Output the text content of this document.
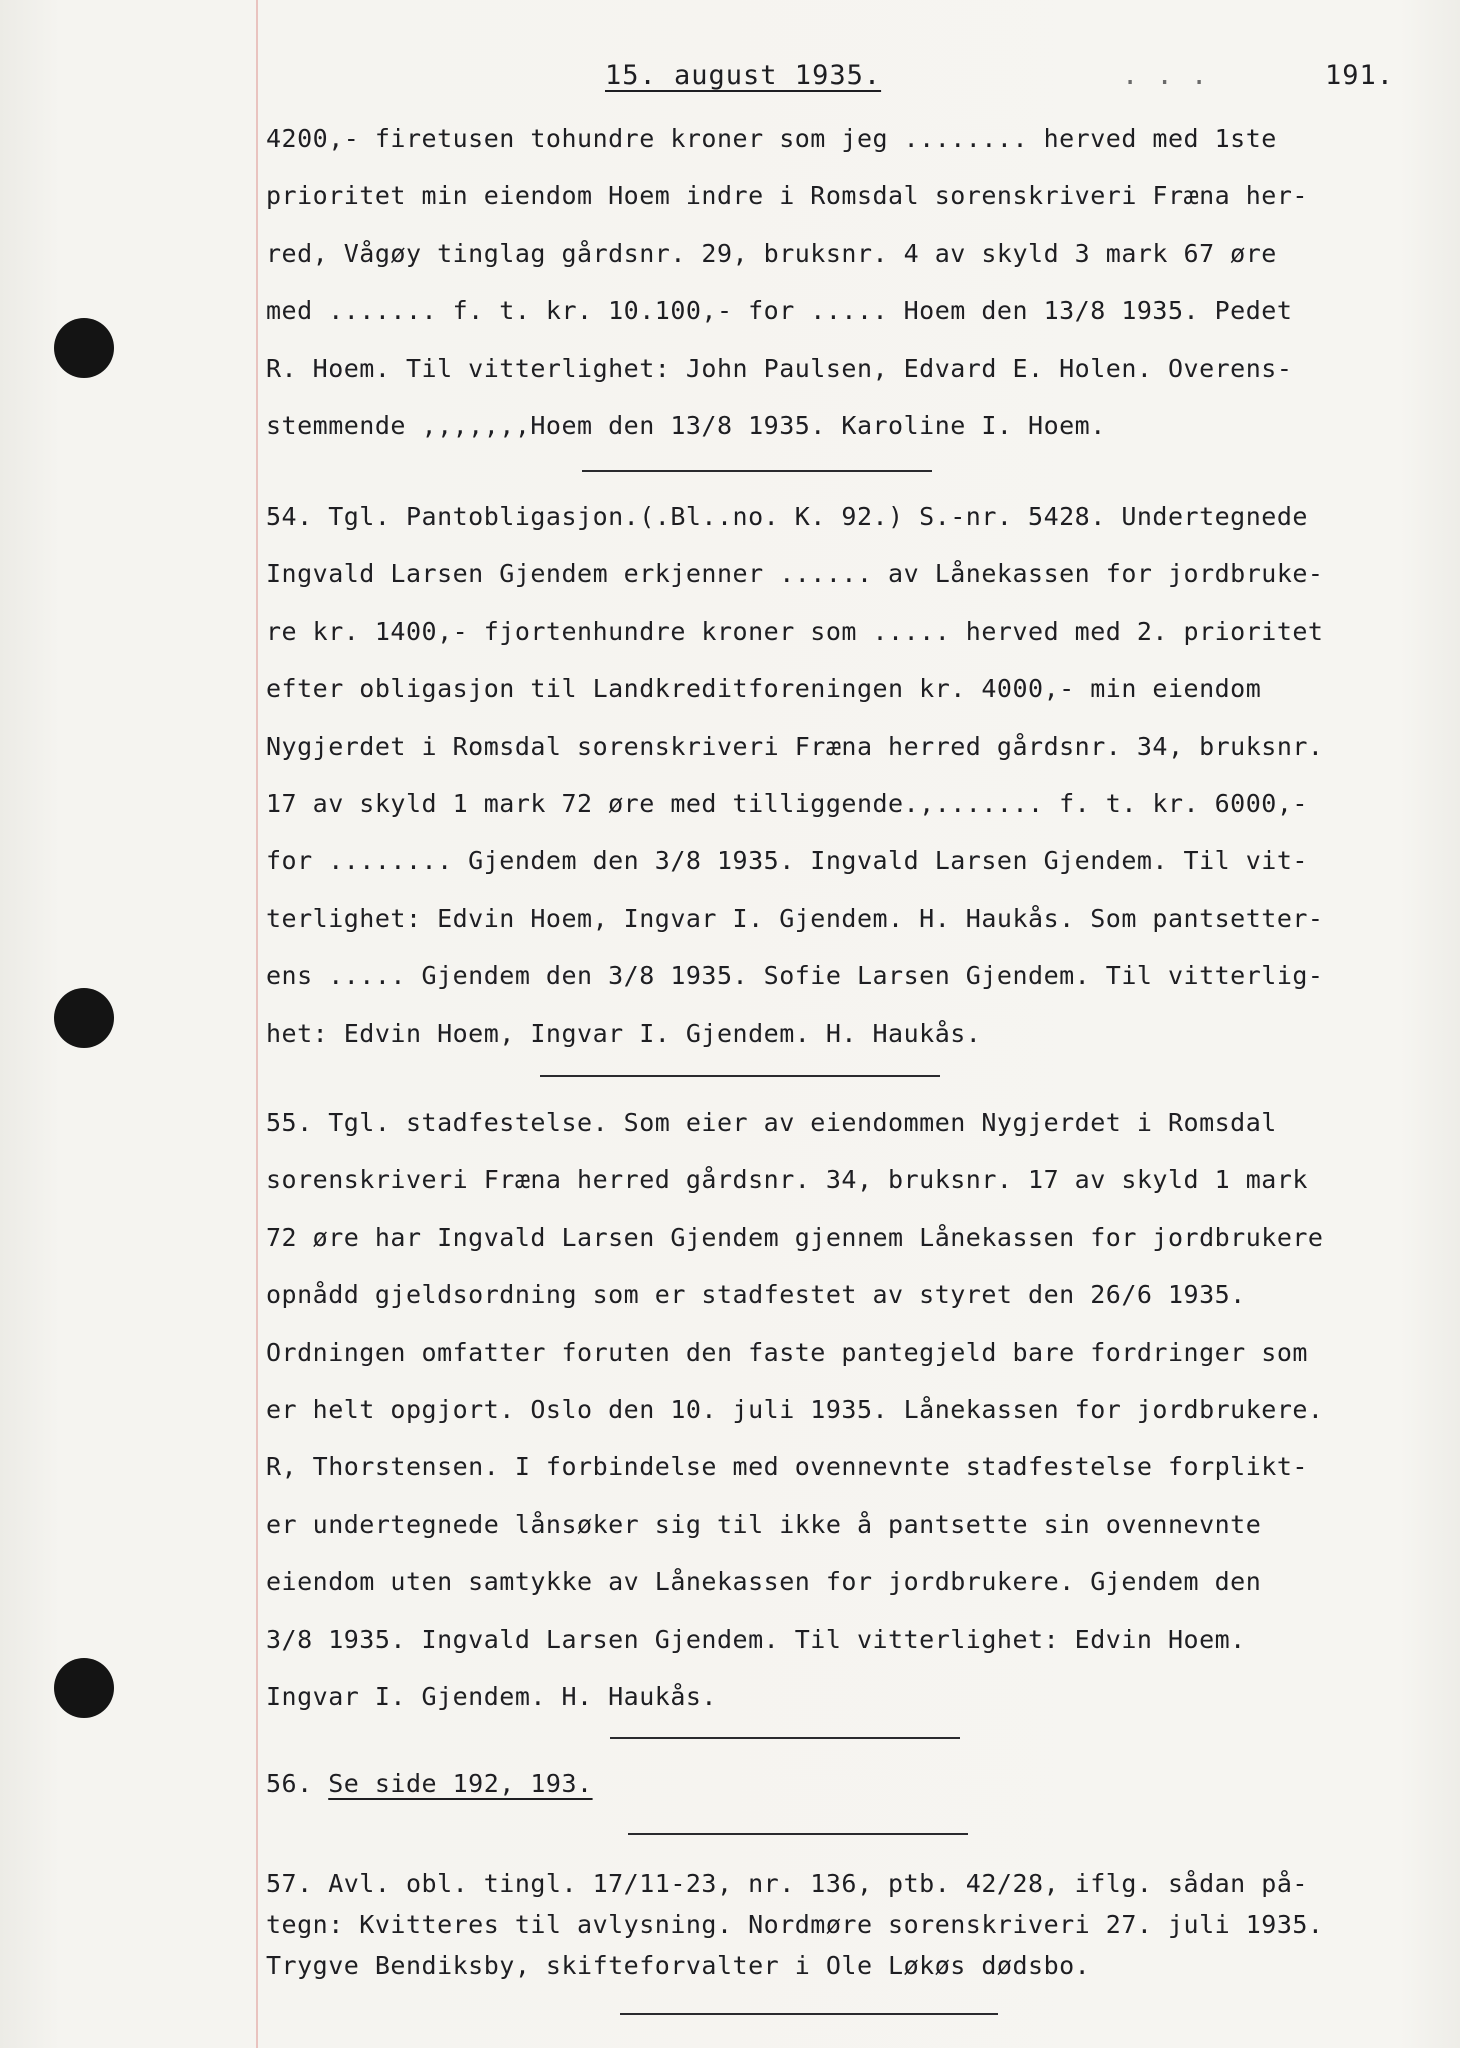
15. august 1935.	. . .	191.
4200,- firetusen tohundre kroner som jeg ........ herved med 1ste
prioritet min eiendom Hoem indre i Romsdal sorenskriveri Fræna her-
red, Vågøy tinglag gårdsnr. 29, bruksnr. 4 av skyld 3 mark 67 øre
med ....... f. t. kr. 10.100,- for ..... Hoem den 13/8 1935. Pedet
R. Hoem. Til vitterlighet: John Paulsen, Edvard E. Holen. Overens-
stemmende ,,,,,,,Hoem den 13/8 1935. Karoline I. Hoem.
54. Tgl. Pantobligasjon.(.Bl..no. K. 92.) S.-nr. 5428. Undertegnede
Ingvald Larsen Gjendem erkjenner ...... av Lånekassen for jordbruke-
re kr. 1400,- fjortenhundre kroner som ..... herved med 2. prioritet
efter obligasjon til Landkreditforeningen kr. 4000,- min eiendom
Nygjerdet i Romsdal sorenskriveri Fræna herred gårdsnr. 34, bruksnr.
17 av skyld 1 mark 72 øre med tilliggende.,....... f. t. kr. 6000,-
for ........ Gjendem den 3/8 1935. Ingvald Larsen Gjendem. Til vit-
terlighet: Edvin Hoem, Ingvar I. Gjendem. H. Haukås. Som pantsetter-
ens ..... Gjendem den 3/8 1935. Sofie Larsen Gjendem. Til vitterlig-
het: Edvin Hoem, Ingvar I. Gjendem. H. Haukås.
55. Tgl. stadfestelse. Som eier av eiendommen Nygjerdet i Romsdal
sorenskriveri Fræna herred gårdsnr. 34, bruksnr. 17 av skyld 1 mark
72 øre har Ingvald Larsen Gjendem gjennem Lånekassen for jordbrukere
opnådd gjeldsordning som er stadfestet av styret den 26/6 1935.
Ordningen omfatter foruten den faste pantegjeld bare fordringer som
er helt opgjort. Oslo den 10. juli 1935. Lånekassen for jordbrukere.
R, Thorstensen. I forbindelse med ovennevnte stadfestelse forplikt-
er undertegnede lånsøker sig til ikke å pantsette sin ovennevnte
eiendom uten samtykke av Lånekassen for jordbrukere. Gjendem den
3/8 1935. Ingvald Larsen Gjendem. Til vitterlighet: Edvin Hoem.
Ingvar I. Gjendem. H. Haukås.
56. Se side 192, 193.
57. Avl. obl. tingl. 17/11-23, nr. 136, ptb. 42/28, iflg. sådan på-
tegn: Kvitteres til avlysning. Nordmøre sorenskriveri 27. juli 1935.
Trygve Bendiksby, skifteforvalter i Ole Løkøs dødsbo.
